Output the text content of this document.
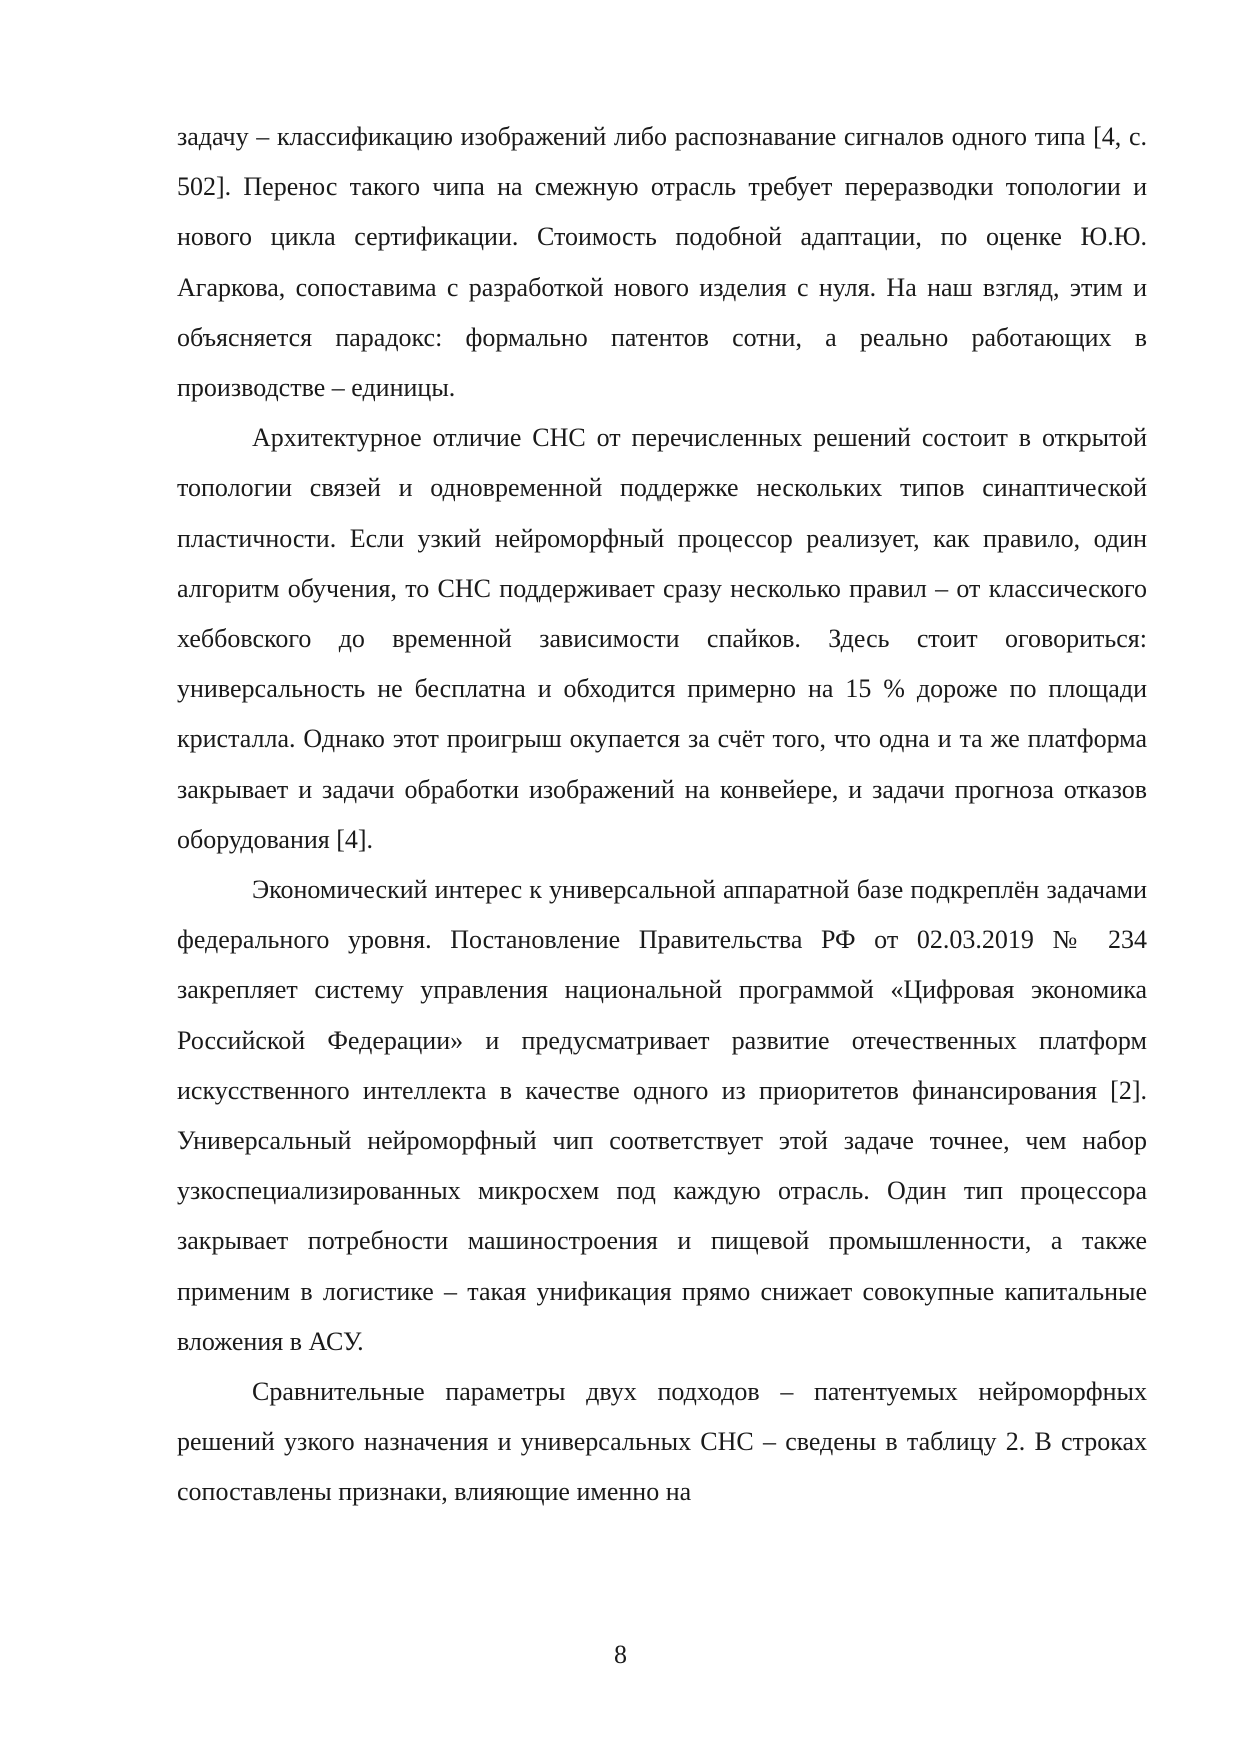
задачу – классификацию изображений либо распознавание сигналов одного типа [4, с. 502]. Перенос такого чипа на смежную отрасль требует переразводки топологии и нового цикла сертификации. Стоимость подобной адаптации, по оценке Ю.Ю. Агаркова, сопоставима с разработкой нового изделия с нуля. На наш взгляд, этим и объясняется парадокс: формально патентов сотни, а реально работающих в производстве – единицы.

Архитектурное отличие СНС от перечисленных решений состоит в открытой топологии связей и одновременной поддержке нескольких типов синаптической пластичности. Если узкий нейроморфный процессор реализует, как правило, один алгоритм обучения, то СНС поддерживает сразу несколько правил – от классического хеббовского до временной зависимости спайков. Здесь стоит оговориться: универсальность не бесплатна и обходится примерно на 15 % дороже по площади кристалла. Однако этот проигрыш окупается за счёт того, что одна и та же платформа закрывает и задачи обработки изображений на конвейере, и задачи прогноза отказов оборудования [4].

Экономический интерес к универсальной аппаратной базе подкреплён задачами федерального уровня. Постановление Правительства РФ от 02.03.2019 № 234 закрепляет систему управления национальной программой «Цифровая экономика Российской Федерации» и предусматривает развитие отечественных платформ искусственного интеллекта в качестве одного из приоритетов финансирования [2]. Универсальный нейроморфный чип соответствует этой задаче точнее, чем набор узкоспециализированных микросхем под каждую отрасль. Один тип процессора закрывает потребности машиностроения и пищевой промышленности, а также применим в логистике – такая унификация прямо снижает совокупные капитальные вложения в АСУ.

Сравнительные параметры двух подходов – патентуемых нейроморфных решений узкого назначения и универсальных СНС – сведены в таблицу 2. В строках сопоставлены признаки, влияющие именно на

8
